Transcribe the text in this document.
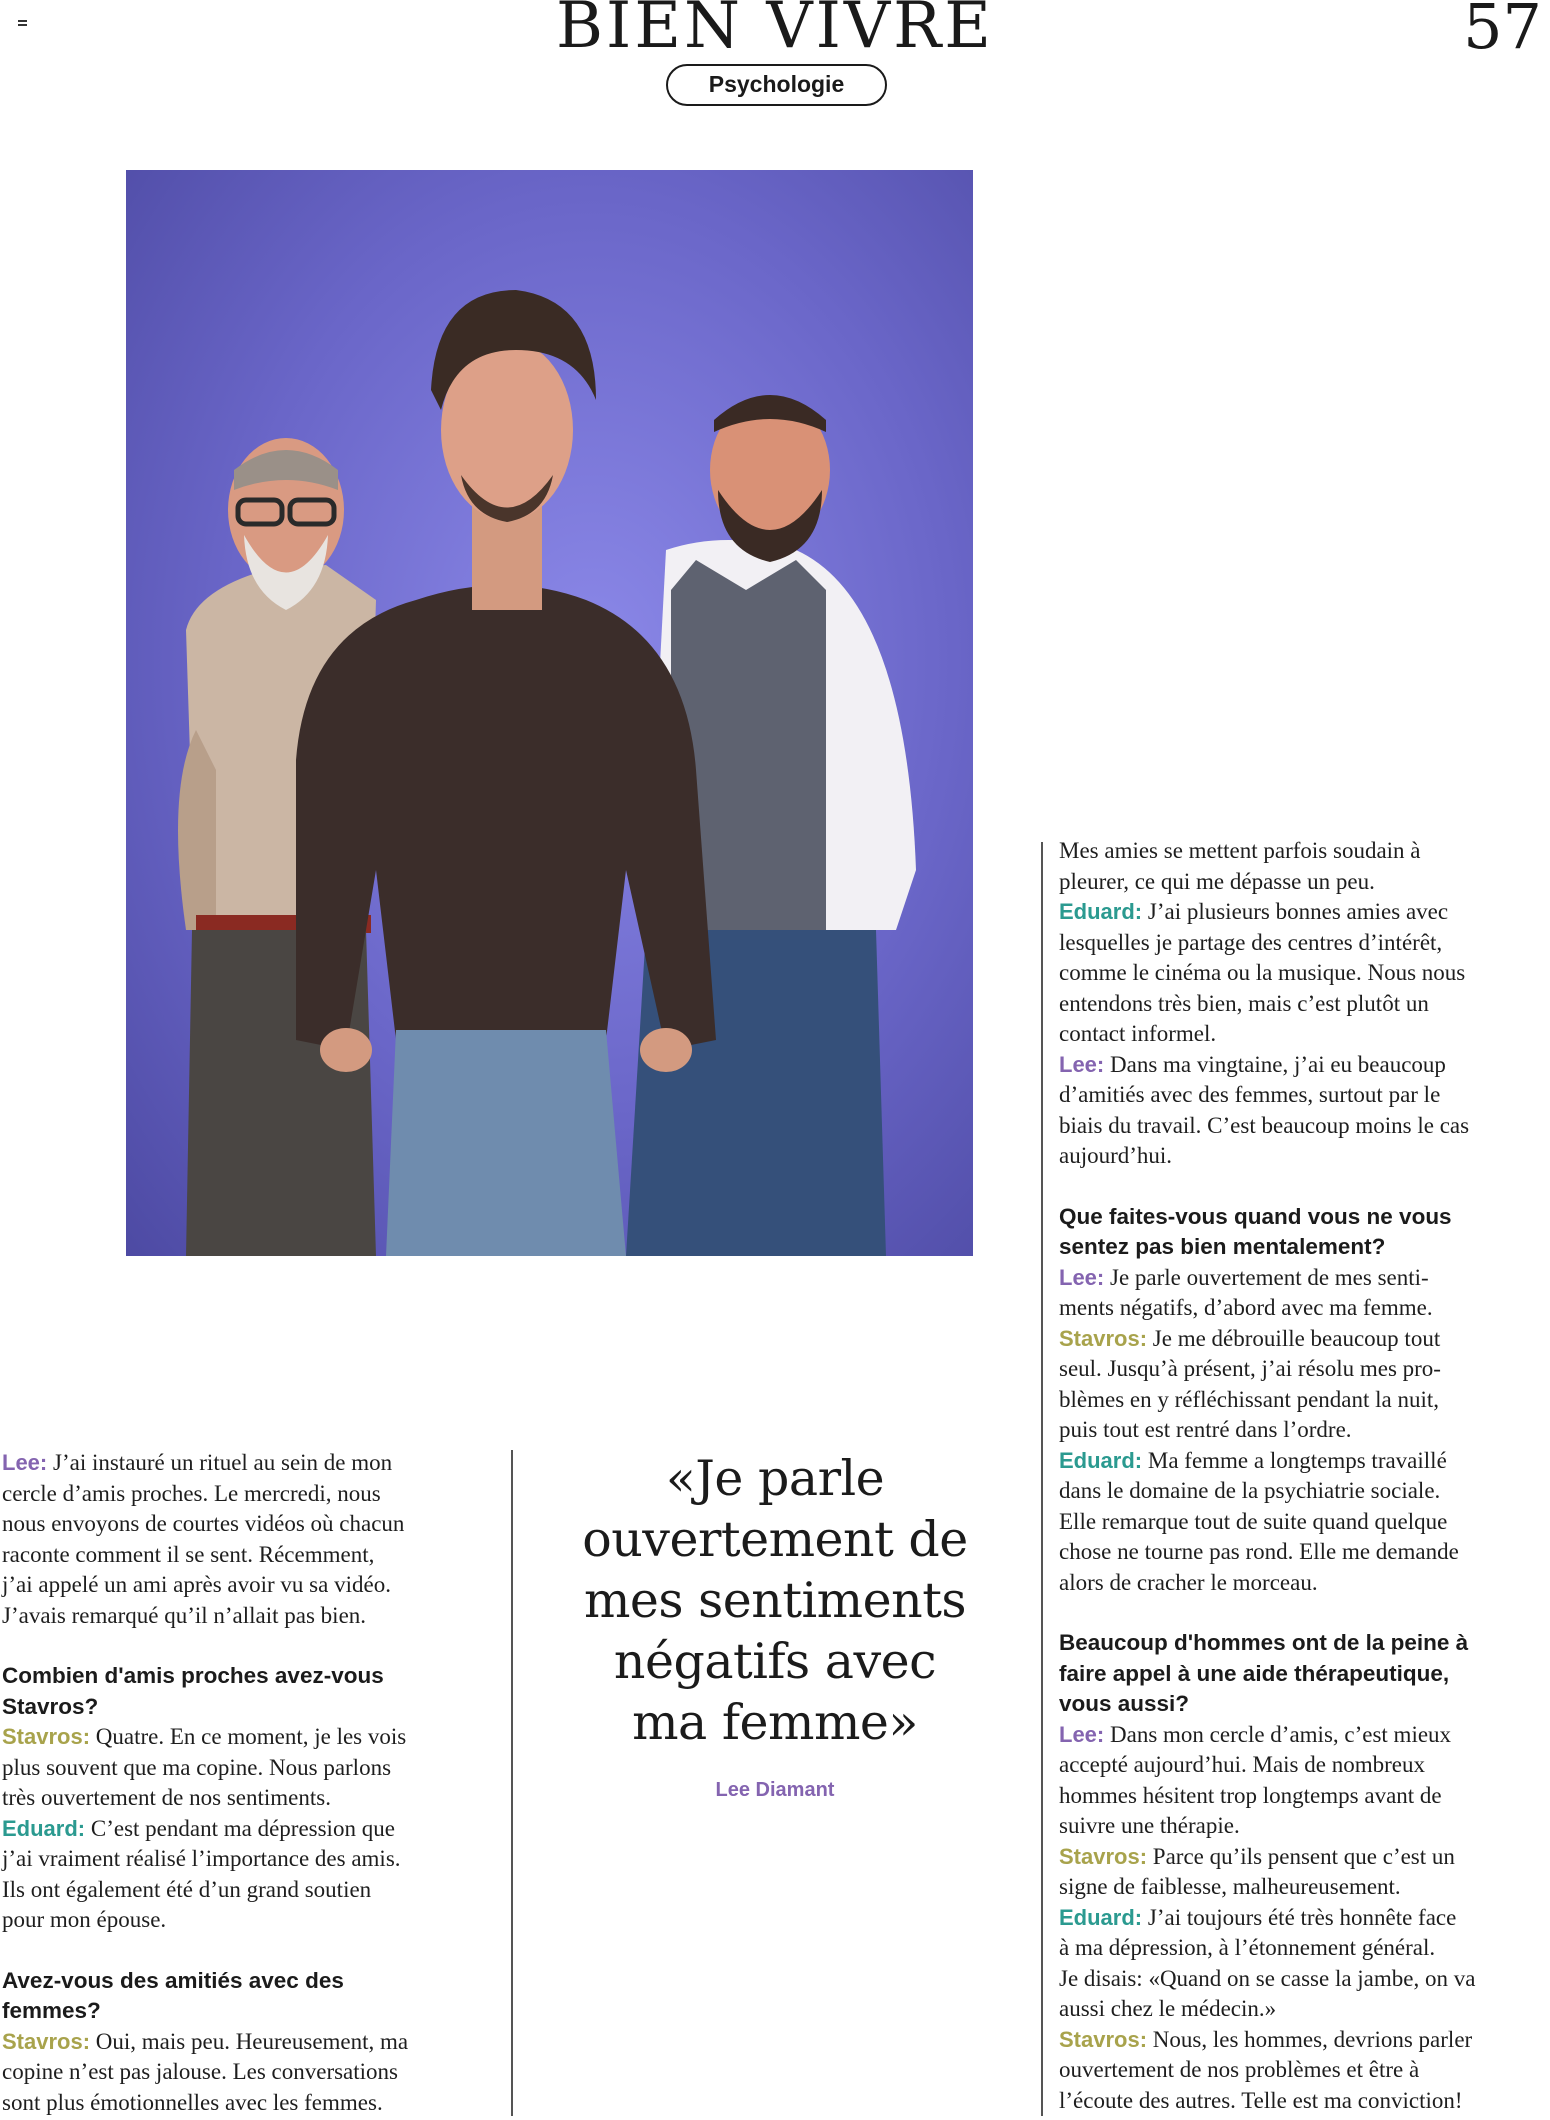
BIEN VIVRE	57
Psychologie
Lee: J’ai instauré un rituel au sein de mon
cercle d’amis proches. Le mercredi, nous
nous envoyons de courtes vidéos où chacun
raconte comment il se sent. Récemment,
j’ai appelé un ami après avoir vu sa vidéo.
J’avais remarqué qu’il n’allait pas bien.
Combien d'amis proches avez-vous
Stavros?
Stavros: Quatre. En ce moment, je les vois
plus souvent que ma copine. Nous parlons
très ouvertement de nos sentiments.
Eduard: C’est pendant ma dépression que
j’ai vraiment réalisé l’importance des amis.
Ils ont également été d’un grand soutien
pour mon épouse.
Avez-vous des amitiés avec des
femmes?
Stavros: Oui, mais peu. Heureusement, ma
copine n’est pas jalouse. Les conversations
sont plus émotionnelles avec les femmes.
«Je parle
ouvertement de
mes sentiments
négatifs avec
ma femme»
Lee Diamant
Mes amies se mettent parfois soudain à
pleurer, ce qui me dépasse un peu.
Eduard: J’ai plusieurs bonnes amies avec
lesquelles je partage des centres d’intérêt,
comme le cinéma ou la musique. Nous nous
entendons très bien, mais c’est plutôt un
contact informel.
Lee: Dans ma vingtaine, j’ai eu beaucoup
d’amitiés avec des femmes, surtout par le
biais du travail. C’est beaucoup moins le cas
aujourd’hui.
Que faites-vous quand vous ne vous
sentez pas bien mentalement?
Lee: Je parle ouvertement de mes senti-
ments négatifs, d’abord avec ma femme.
Stavros: Je me débrouille beaucoup tout
seul. Jusqu’à présent, j’ai résolu mes pro-
blèmes en y réfléchissant pendant la nuit,
puis tout est rentré dans l’ordre.
Eduard: Ma femme a longtemps travaillé
dans le domaine de la psychiatrie sociale.
Elle remarque tout de suite quand quelque
chose ne tourne pas rond. Elle me demande
alors de cracher le morceau.
Beaucoup d'hommes ont de la peine à
faire appel à une aide thérapeutique,
vous aussi?
Lee: Dans mon cercle d’amis, c’est mieux
accepté aujourd’hui. Mais de nombreux
hommes hésitent trop longtemps avant de
suivre une thérapie.
Stavros: Parce qu’ils pensent que c’est un
signe de faiblesse, malheureusement.
Eduard: J’ai toujours été très honnête face
à ma dépression, à l’étonnement général.
Je disais: «Quand on se casse la jambe, on va
aussi chez le médecin.»
Stavros: Nous, les hommes, devrions parler
ouvertement de nos problèmes et être à
l’écoute des autres. Telle est ma conviction!
